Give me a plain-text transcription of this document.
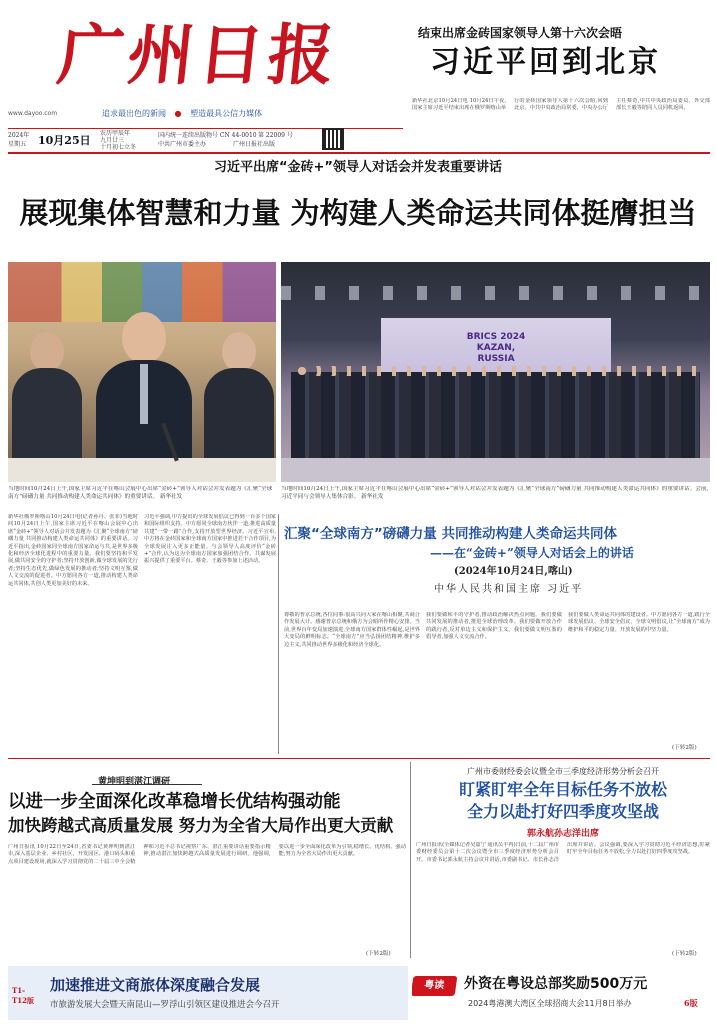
广州日报
追求最出色的新闻 ● 塑造最具公信力媒体
www.dayoo.com
2024年
星期五 10月25日
农历甲辰年
九月廿三
十月初七立冬
国内统一连续出版物号 CN 44-0010 第 22009 号
中共广州市委主办	广州日报社出版
结束出席金砖国家领导人第十六次会晤
习近平回到北京
新华社北京10月24日电 10月24日午夜,国家主席习近平结束出席在俄罗斯喀山举行的金砖国家领导人第十六次会晤,回到北京。中共中央政治局常委、中央办公厅主任蔡奇,中共中央政治局委员、外交部部长王毅等陪同人员同机返回。
习近平出席“金砖+”领导人对话会并发表重要讲话
展现集体智慧和力量 为构建人类命运共同体挺膺担当
BRICS 2024 KAZAN, RUSSIA
当地时间10月24日上午,国家主席习近平在喀山会展中心出席“金砖+”领导人对话会并发表题为《汇聚“全球南方”磅礴力量 共同推动构建人类命运共同体》的重要讲话。 新华社发
当地时间10月24日上午,国家主席习近平在喀山会展中心出席“金砖+”领导人对话会并发表题为《汇聚“全球南方”磅礴力量 共同推动构建人类命运共同体》的重要讲话。会前,习近平同与会领导人集体合影。 新华社发
新华社俄罗斯喀山10月24日电(记者孙丹、张菲)当地时间10月24日上午,国家主席习近平在喀山会展中心出席“金砖+”领导人对话会并发表题为《汇聚“全球南方”磅礴力量 共同推动构建人类命运共同体》的重要讲话。习近平指出,金砖国家同全球南方国家命运与共,是世界多极化和经济全球化进程中的重要力量。我们要坚持和平发展,做共同安全的守护者;坚持开放创新,做全球发展的先行者;坚持生态优先,做绿色发展的推动者;坚持文明互鉴,做人文交流的促进者。中方愿同各方一道,推动构建人类命运共同体,共创人类更加美好的未来。
习近平强调,中方提出的全球发展倡议已得到一百多个国家和国际组织支持。中方愿同全球南方伙伴一道,推进高质量共建“一带一路”合作,支持开放型世界经济。习近平宣布,中方将在金砖国家和全球南方国家中推进若干合作项目,为全球发展注入更多正能量。与会领导人高度评价“金砖+”合作,认为这为全球南方国家加强团结合作、共谋发展振兴提供了重要平台。蔡奇、王毅等参加上述活动。
汇聚“全球南方”磅礴力量 共同推动构建人类命运共同体
——在“金砖+”领导人对话会上的讲话
(2024年10月24日,喀山)
中华人民共和国主席 习近平
尊敬的普京总统,各位同事:很高兴同大家在喀山相聚,共商合作发展大计。感谢普京总统和俄方为会晤所作精心安排。当前,世界百年变局加速演进,全球南方国家群体性崛起,是世界大变局的鲜明标志。“全球南方”应当弘扬团结精神,维护多边主义,共同推动世界多极化和经济全球化。
我们要做和平的守护者,推动政治解决热点问题。我们要做共同发展的推动者,推进全球治理改革。我们要做开放合作的践行者,反对单边主义和保护主义。我们要做文明互鉴的倡导者,加强人文交流合作。
我们要做人类命运共同体的建设者。中方愿同各方一道,践行全球发展倡议、全球安全倡议、全球文明倡议,让“全球南方”成为维护和平的稳定力量、开放发展的中坚力量。
(下转2版)
黄坤明到湛江调研
以进一步全面深化改革稳增长优结构强动能
加快跨越式高质量发展 努力为全省大局作出更大贡献
广州日报讯 10月22日至24日,省委书记黄坤明到湛江市,深入基层企业、乡村社区、开发园区、港口码头和重点项目建设现场,就深入学习贯彻党的二十届三中全会精神和习近平总书记视察广东、湛江重要讲话重要指示精神,推动湛江加快跨越式高质量发展进行调研。他强调,要以进一步全面深化改革为引领,稳增长、优结构、强动能,努力为全省大局作出更大贡献。
(下转2版)
广州市委财经委会议暨全市三季度经济形势分析会召开
盯紧盯牢全年目标任务不放松
全力以赴打好四季度攻坚战
郭永航孙志洋出席
广州日报讯(全媒体记者吴嘉宁 通讯员丰再)日前,十二届广州市委财经委员会第十二次会议暨全市三季度经济形势分析会召开。市委书记郭永航主持会议并讲话,市委副书记、市长孙志洋出席并讲话。会议强调,要深入学习贯彻习近平经济思想,盯紧盯牢全年目标任务不放松,全力以赴打好四季度攻坚战。
(下转2版)
T1-
T12版
加速推进文商旅体深度融合发展
市旅游发展大会暨天南昆山—罗浮山引领区建设推进会今召开
粤读	外资在粤设总部奖励500万元
2024粤港澳大湾区全球招商大会11月8日举办	6版
